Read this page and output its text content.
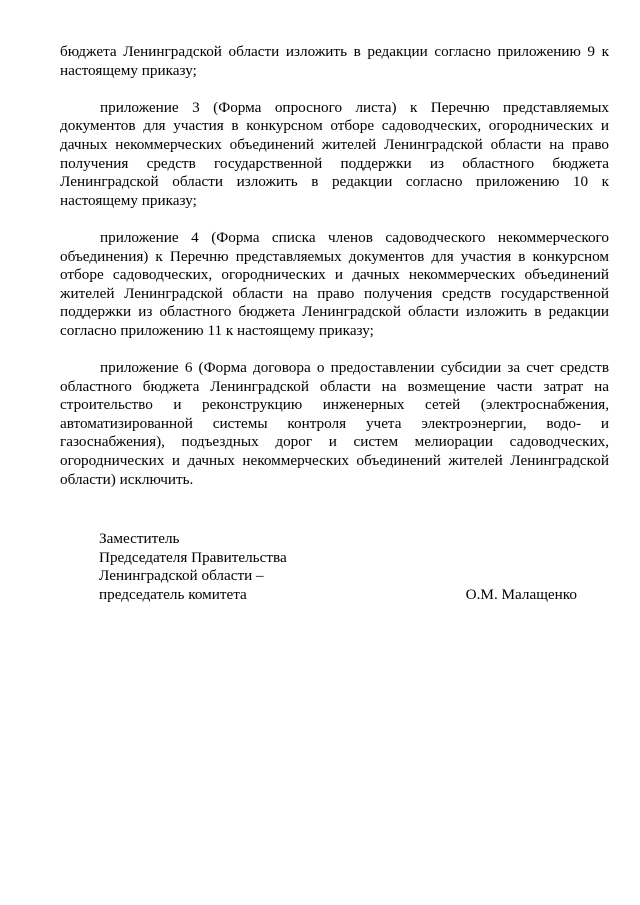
бюджета Ленинградской области изложить в редакции согласно приложению 9 к настоящему приказу;

приложение 3 (Форма опросного листа) к Перечню представляемых документов для участия в конкурсном отборе садоводческих, огороднических и дачных некоммерческих объединений жителей Ленинградской области на право получения средств государственной поддержки из областного бюджета Ленинградской области изложить в редакции согласно приложению 10 к настоящему приказу;

приложение 4 (Форма списка членов садоводческого некоммерческого объединения) к Перечню представляемых документов для участия в конкурсном отборе садоводческих, огороднических и дачных некоммерческих объединений жителей Ленинградской области на право получения средств государственной поддержки из областного бюджета Ленинградской области изложить в редакции согласно приложению 11 к настоящему приказу;

приложение 6 (Форма договора о предоставлении субсидии за счет средств областного бюджета Ленинградской области на возмещение части затрат на строительство и реконструкцию инженерных сетей (электроснабжения, автоматизированной системы контроля учета электроэнергии, водо- и газоснабжения), подъездных дорог и систем мелиорации садоводческих, огороднических и дачных некоммерческих объединений жителей Ленинградской области) исключить.

Заместитель
Председателя Правительства
Ленинградской области –
председатель комитета	О.М. Малащенко
